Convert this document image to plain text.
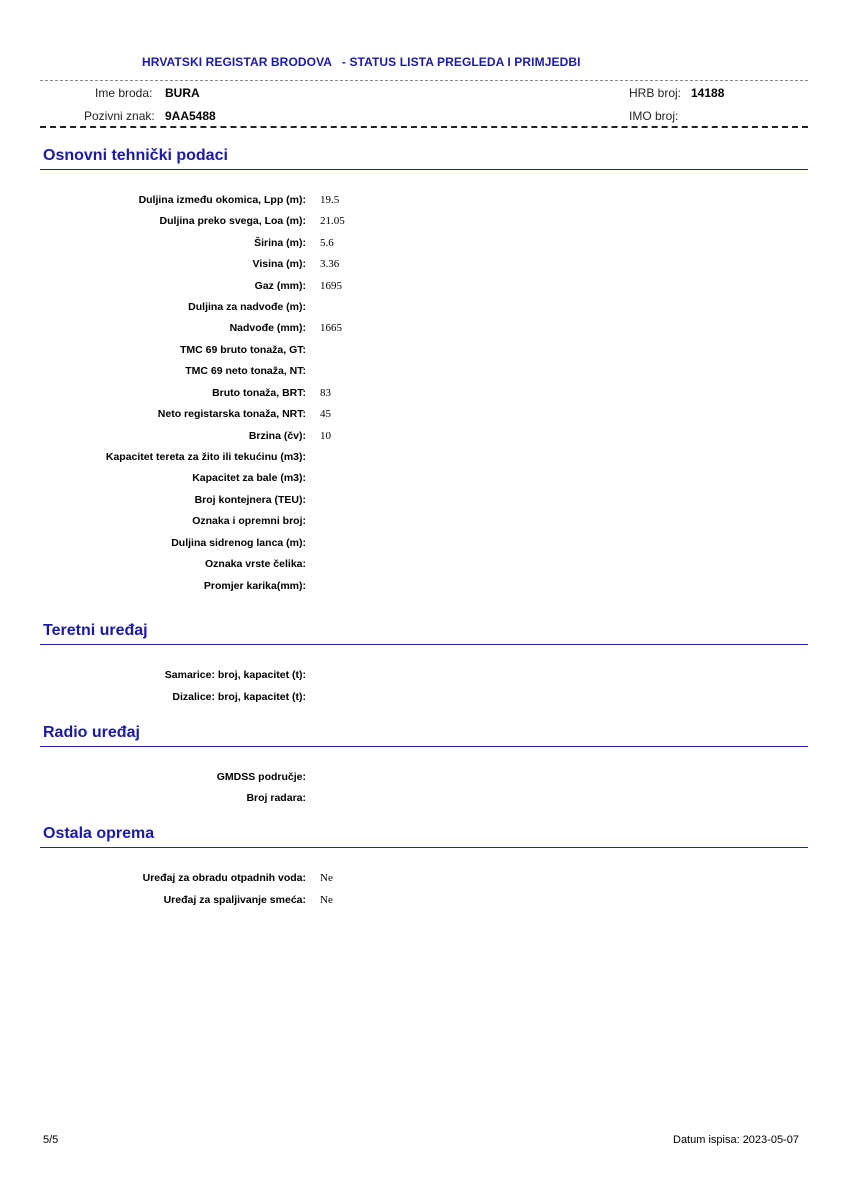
HRVATSKI REGISTAR BRODOVA   - STATUS LISTA PREGLEDA I PRIMJEDBI
Ime broda: BURA
Pozivni znak: 9AA5488
HRB broj: 14188
IMO broj:
Osnovni tehnički podaci
Duljina između okomica, Lpp (m): 19.5
Duljina preko svega, Loa (m): 21.05
Širina (m): 5.6
Visina (m): 3.36
Gaz (mm): 1695
Duljina za nadvođe (m):
Nadvođe (mm): 1665
TMC 69 bruto tonaža, GT:
TMC 69 neto tonaža, NT:
Bruto tonaža, BRT: 83
Neto registarska tonaža, NRT: 45
Brzina (čv): 10
Kapacitet tereta za žito ili tekućinu (m3):
Kapacitet za bale (m3):
Broj kontejnera (TEU):
Oznaka i opremni broj:
Duljina sidrenog lanca (m):
Oznaka vrste čelika:
Promjer karika(mm):
Teretni uređaj
Samarice: broj, kapacitet (t):
Dizalice: broj, kapacitet (t):
Radio uređaj
GMDSS područje:
Broj radara:
Ostala oprema
Uređaj za obradu otpadnih voda: Ne
Uređaj za spaljivanje smeća: Ne
5/5	Datum ispisa: 2023-05-07
